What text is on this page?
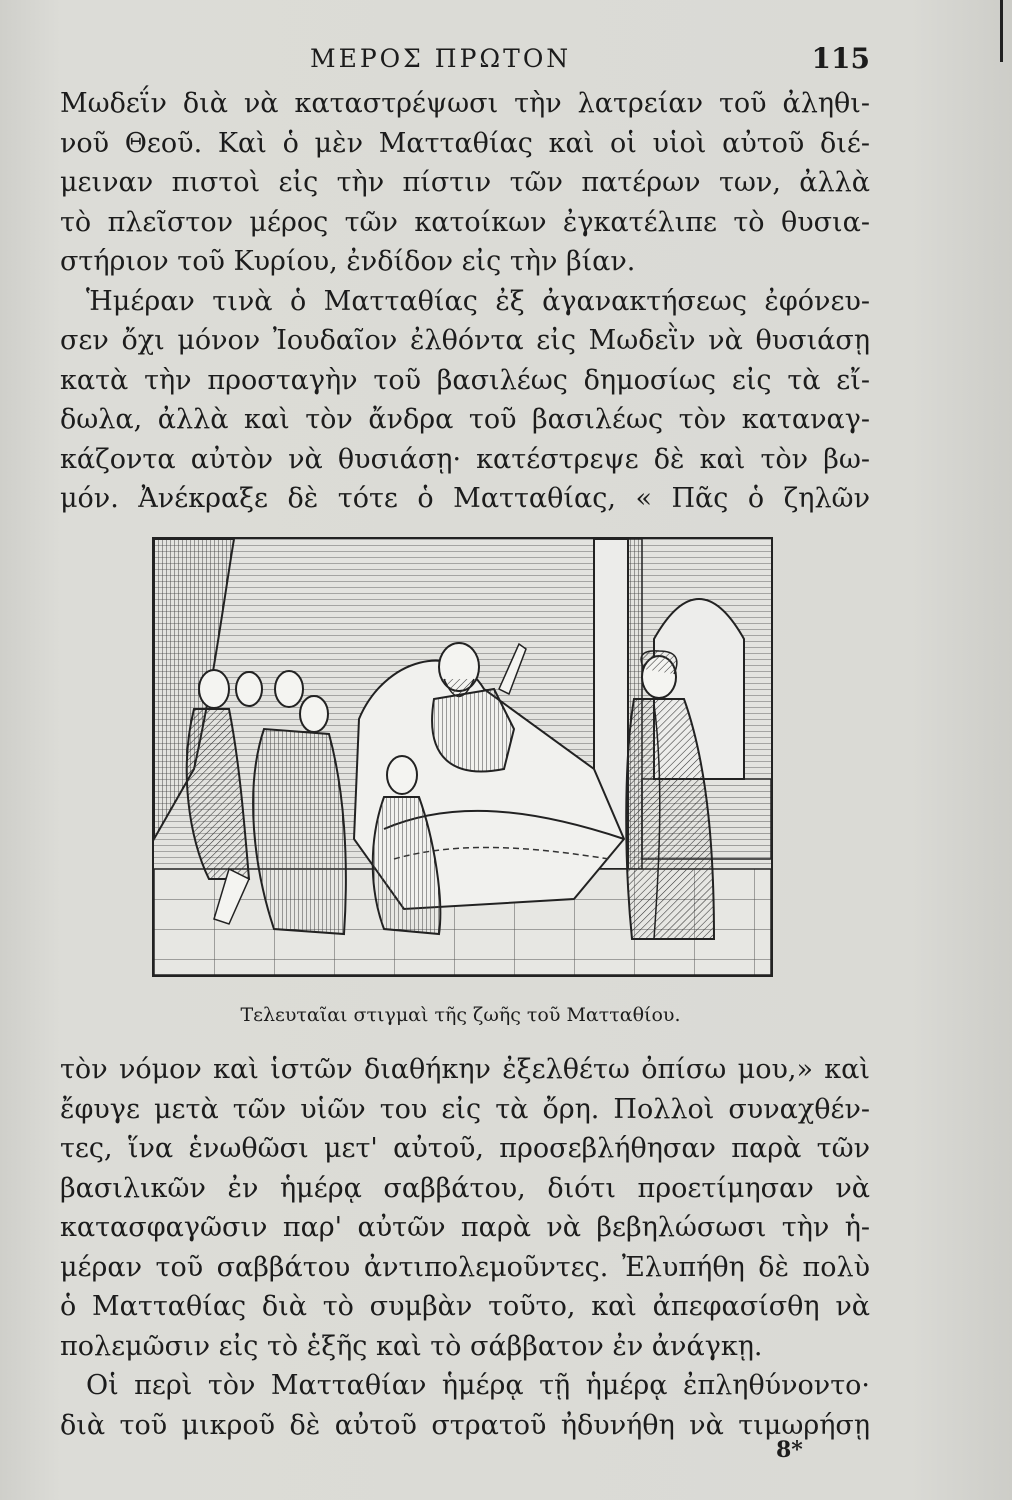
ΜΕΡΟΣ ΠΡΩΤΟΝ	115
Μωδεΐν διὰ νὰ καταστρέψωσι τὴν λατρείαν τοῦ ἀληθι-
νοῦ Θεοῦ. Καὶ ὁ μὲν Ματταθίας καὶ οἱ υἱοὶ αὐτοῦ διέ-
μειναν πιστοὶ εἰς τὴν πίστιν τῶν πατέρων των, ἀλλὰ
τὸ πλεῖστον μέρος τῶν κατοίκων ἐγκατέλιπε τὸ θυσια-
στήριον τοῦ Κυρίου, ἐνδίδον εἰς τὴν βίαν.
Ἡμέραν τινὰ ὁ Ματταθίας ἐξ ἀγανακτήσεως ἐφόνευ-
σεν ὄχι μόνον Ἰουδαῖον ἐλθόντα εἰς Μωδεῒν νὰ θυσιάσῃ
κατὰ τὴν προσταγὴν τοῦ βασιλέως δημοσίως εἰς τὰ εἴ-
δωλα, ἀλλὰ καὶ τὸν ἄνδρα τοῦ βασιλέως τὸν καταναγ-
κάζοντα αὐτὸν νὰ θυσιάσῃ· κατέστρεψε δὲ καὶ τὸν βω-
μόν. Ἀνέκραξε δὲ τότε ὁ Ματταθίας, « Πᾶς ὁ ζηλῶν
Τελευταῖαι στιγμαὶ τῆς ζωῆς τοῦ Ματταθίου.
τὸν νόμον καὶ ἱστῶν διαθήκην ἐξελθέτω ὀπίσω μου,» καὶ
ἔφυγε μετὰ τῶν υἱῶν του εἰς τὰ ὄρη. Πολλοὶ συναχθέν-
τες, ἵνα ἑνωθῶσι μετ' αὐτοῦ, προσεβλήθησαν παρὰ τῶν
βασιλικῶν ἐν ἡμέρᾳ σαββάτου, διότι προετίμησαν νὰ
κατασφαγῶσιν παρ' αὐτῶν παρὰ νὰ βεβηλώσωσι τὴν ἡ-
μέραν τοῦ σαββάτου ἀντιπολεμοῦντες. Ἐλυπήθη δὲ πολὺ
ὁ Ματταθίας διὰ τὸ συμβὰν τοῦτο, καὶ ἀπεφασίσθη νὰ
πολεμῶσιν εἰς τὸ ἑξῆς καὶ τὸ σάββατον ἐν ἀνάγκῃ.
Οἱ περὶ τὸν Ματταθίαν ἡμέρᾳ τῇ ἡμέρᾳ ἐπληθύνοντο·
διὰ τοῦ μικροῦ δὲ αὐτοῦ στρατοῦ ἠδυνήθη νὰ τιμωρήσῃ
8*
